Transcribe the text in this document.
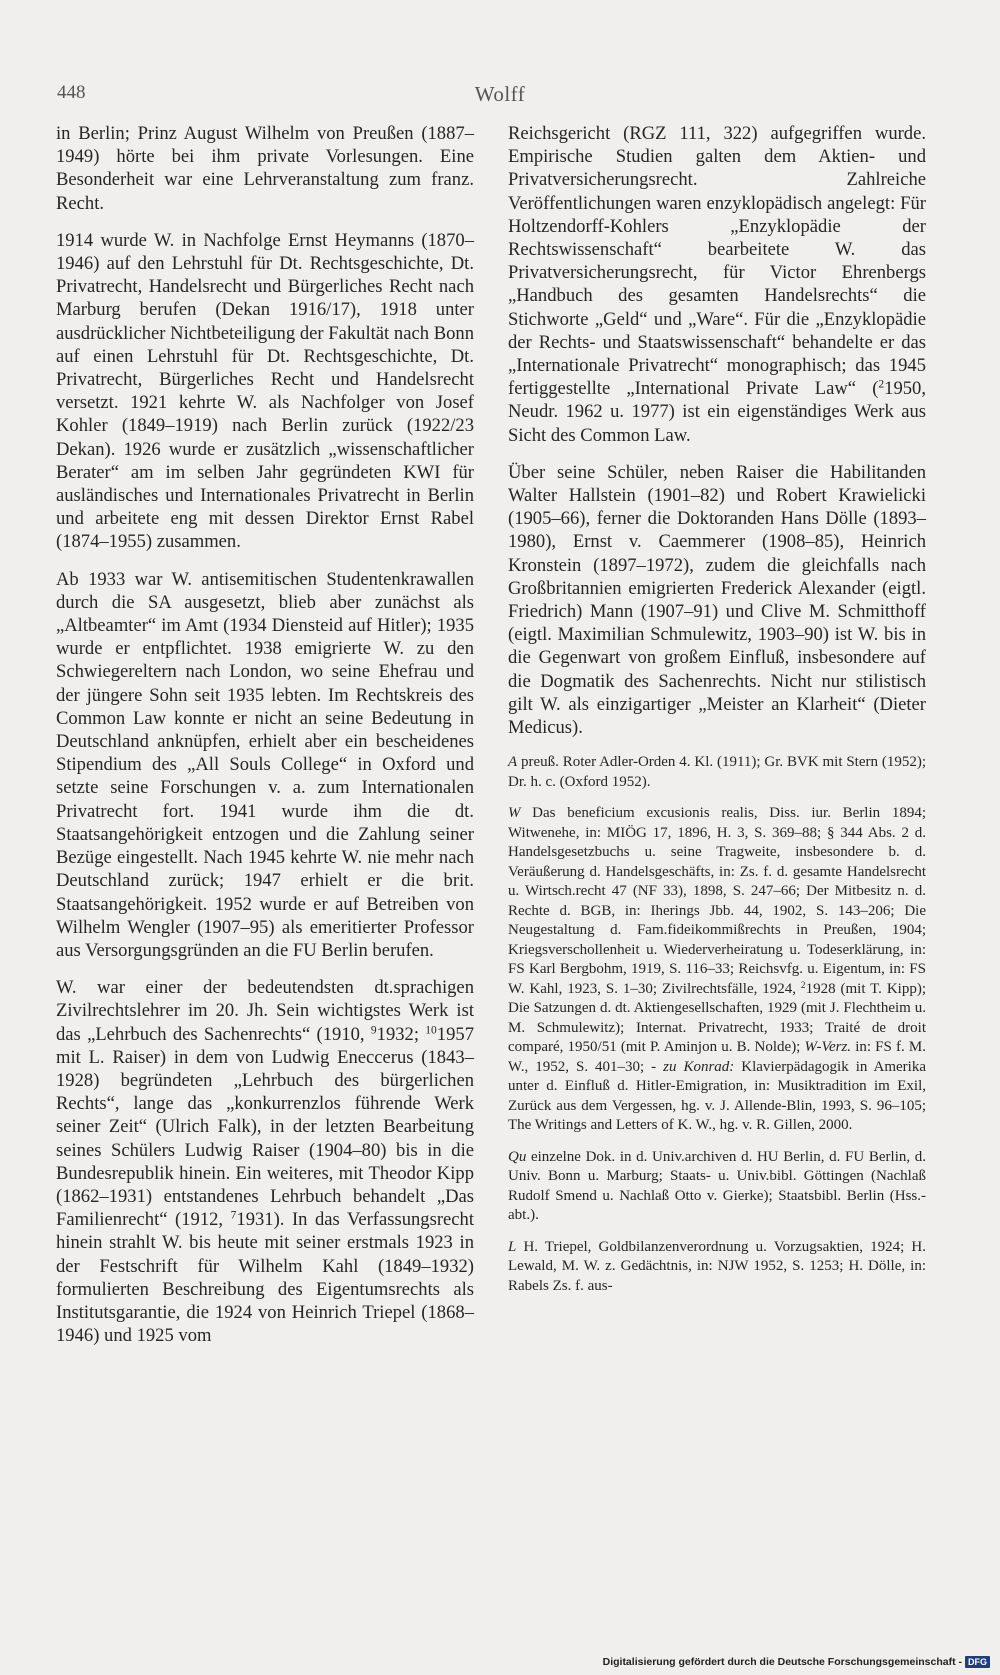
448	Wolff

in Berlin; Prinz August Wilhelm von Preußen (1887–1949) hörte bei ihm private Vorlesungen. Eine Besonderheit war eine Lehrveranstaltung zum franz. Recht.

1914 wurde W. in Nachfolge Ernst Heymanns (1870–1946) auf den Lehrstuhl für Dt. Rechtsgeschichte, Dt. Privatrecht, Handelsrecht und Bürgerliches Recht nach Marburg berufen (Dekan 1916/17), 1918 unter ausdrücklicher Nichtbeteiligung der Fakultät nach Bonn auf einen Lehrstuhl für Dt. Rechtsgeschichte, Dt. Privatrecht, Bürgerliches Recht und Handelsrecht versetzt. 1921 kehrte W. als Nachfolger von Josef Kohler (1849–1919) nach Berlin zurück (1922/23 Dekan). 1926 wurde er zusätzlich „wissenschaftlicher Berater“ am im selben Jahr gegründeten KWI für ausländisches und Internationales Privatrecht in Berlin und arbeitete eng mit dessen Direktor Ernst Rabel (1874–1955) zusammen.

Ab 1933 war W. antisemitischen Studentenkrawallen durch die SA ausgesetzt, blieb aber zunächst als „Altbeamter“ im Amt (1934 Diensteid auf Hitler); 1935 wurde er entpflichtet. 1938 emigrierte W. zu den Schwiegereltern nach London, wo seine Ehefrau und der jüngere Sohn seit 1935 lebten. Im Rechtskreis des Common Law konnte er nicht an seine Bedeutung in Deutschland anknüpfen, erhielt aber ein bescheidenes Stipendium des „All Souls College“ in Oxford und setzte seine Forschungen v. a. zum Internationalen Privatrecht fort. 1941 wurde ihm die dt. Staatsangehörigkeit entzogen und die Zahlung seiner Bezüge eingestellt. Nach 1945 kehrte W. nie mehr nach Deutschland zurück; 1947 erhielt er die brit. Staatsangehörigkeit. 1952 wurde er auf Betreiben von Wilhelm Wengler (1907–95) als emeritierter Professor aus Versorgungsgründen an die FU Berlin berufen.

W. war einer der bedeutendsten dt.sprachigen Zivilrechtslehrer im 20. Jh. Sein wichtigstes Werk ist das „Lehrbuch des Sachenrechts“ (1910, $^9$1932; $^{10}$1957 mit L. Raiser) in dem von Ludwig Eneccerus (1843–1928) begründeten „Lehrbuch des bürgerlichen Rechts“, lange das „konkurrenzlos führende Werk seiner Zeit“ (Ulrich Falk), in der letzten Bearbeitung seines Schülers Ludwig Raiser (1904–80) bis in die Bundesrepublik hinein. Ein weiteres, mit Theodor Kipp (1862–1931) entstandenes Lehrbuch behandelt „Das Familienrecht“ (1912, $^7$1931). In das Verfassungsrecht hinein strahlt W. bis heute mit seiner erstmals 1923 in der Festschrift für Wilhelm Kahl (1849–1932) formulierten Beschreibung des Eigentumsrechts als Institutsgarantie, die 1924 von Heinrich Triepel (1868–1946) und 1925 vom

Reichsgericht (RGZ 111, 322) aufgegriffen wurde. Empirische Studien galten dem Aktien- und Privatversicherungsrecht. Zahlreiche Veröffentlichungen waren enzyklopädisch angelegt: Für Holtzendorff-Kohlers „Enzyklopädie der Rechtswissenschaft“ bearbeitete W. das Privatversicherungsrecht, für Victor Ehrenbergs „Handbuch des gesamten Handelsrechts“ die Stichworte „Geld“ und „Ware“. Für die „Enzyklopädie der Rechts- und Staatswissenschaft“ behandelte er das „Internationale Privatrecht“ monographisch; das 1945 fertiggestellte „International Private Law“ ($^2$1950, Neudr. 1962 u. 1977) ist ein eigenständiges Werk aus Sicht des Common Law.

Über seine Schüler, neben Raiser die Habilitanden Walter Hallstein (1901–82) und Robert Krawielicki (1905–66), ferner die Doktoranden Hans Dölle (1893–1980), Ernst v. Caemmerer (1908–85), Heinrich Kronstein (1897–1972), zudem die gleichfalls nach Großbritannien emigrierten Frederick Alexander (eigtl. Friedrich) Mann (1907–91) und Clive M. Schmitthoff (eigtl. Maximilian Schmulewitz, 1903–90) ist W. bis in die Gegenwart von großem Einfluß, insbesondere auf die Dogmatik des Sachenrechts. Nicht nur stilistisch gilt W. als einzigartiger „Meister an Klarheit“ (Dieter Medicus).

A preuß. Roter Adler-Orden 4. Kl. (1911); Gr. BVK mit Stern (1952); Dr. h. c. (Oxford 1952).

W Das beneficium excusionis realis, Diss. iur. Berlin 1894; Witwenehe, in: MIÖG 17, 1896, H. 3, S. 369–88; § 344 Abs. 2 d. Handelsgesetzbuchs u. seine Tragweite, insbesondere b. d. Veräußerung d. Handelsgeschäfts, in: Zs. f. d. gesamte Handelsrecht u. Wirtsch.recht 47 (NF 33), 1898, S. 247–66; Der Mitbesitz n. d. Rechte d. BGB, in: Iherings Jbb. 44, 1902, S. 143–206; Die Neugestaltung d. Fam.fideikommißrechts in Preußen, 1904; Kriegsverschollenheit u. Wiederverheiratung u. Todeserklärung, in: FS Karl Bergbohm, 1919, S. 116–33; Reichsvfg. u. Eigentum, in: FS W. Kahl, 1923, S. 1–30; Zivilrechtsfälle, 1924, $^2$1928 (mit T. Kipp); Die Satzungen d. dt. Aktiengesellschaften, 1929 (mit J. Flechtheim u. M. Schmulewitz); Internat. Privatrecht, 1933; Traité de droit comparé, 1950/51 (mit P. Aminjon u. B. Nolde); W-Verz. in: FS f. M. W., 1952, S. 401–30; - zu Konrad: Klavierpädagogik in Amerika unter d. Einfluß d. Hitler-Emigration, in: Musiktradition im Exil, Zurück aus dem Vergessen, hg. v. J. Allende-Blin, 1993, S. 96–105; The Writings and Letters of K. W., hg. v. R. Gillen, 2000.

Qu einzelne Dok. in d. Univ.archiven d. HU Berlin, d. FU Berlin, d. Univ. Bonn u. Marburg; Staats- u. Univ.bibl. Göttingen (Nachlaß Rudolf Smend u. Nachlaß Otto v. Gierke); Staatsbibl. Berlin (Hss.-abt.).

L H. Triepel, Goldbilanzenverordnung u. Vorzugsaktien, 1924; H. Lewald, M. W. z. Gedächtnis, in: NJW 1952, S. 1253; H. Dölle, in: Rabels Zs. f. aus-

Digitalisierung gefördert durch die Deutsche Forschungsgemeinschaft - DFG
